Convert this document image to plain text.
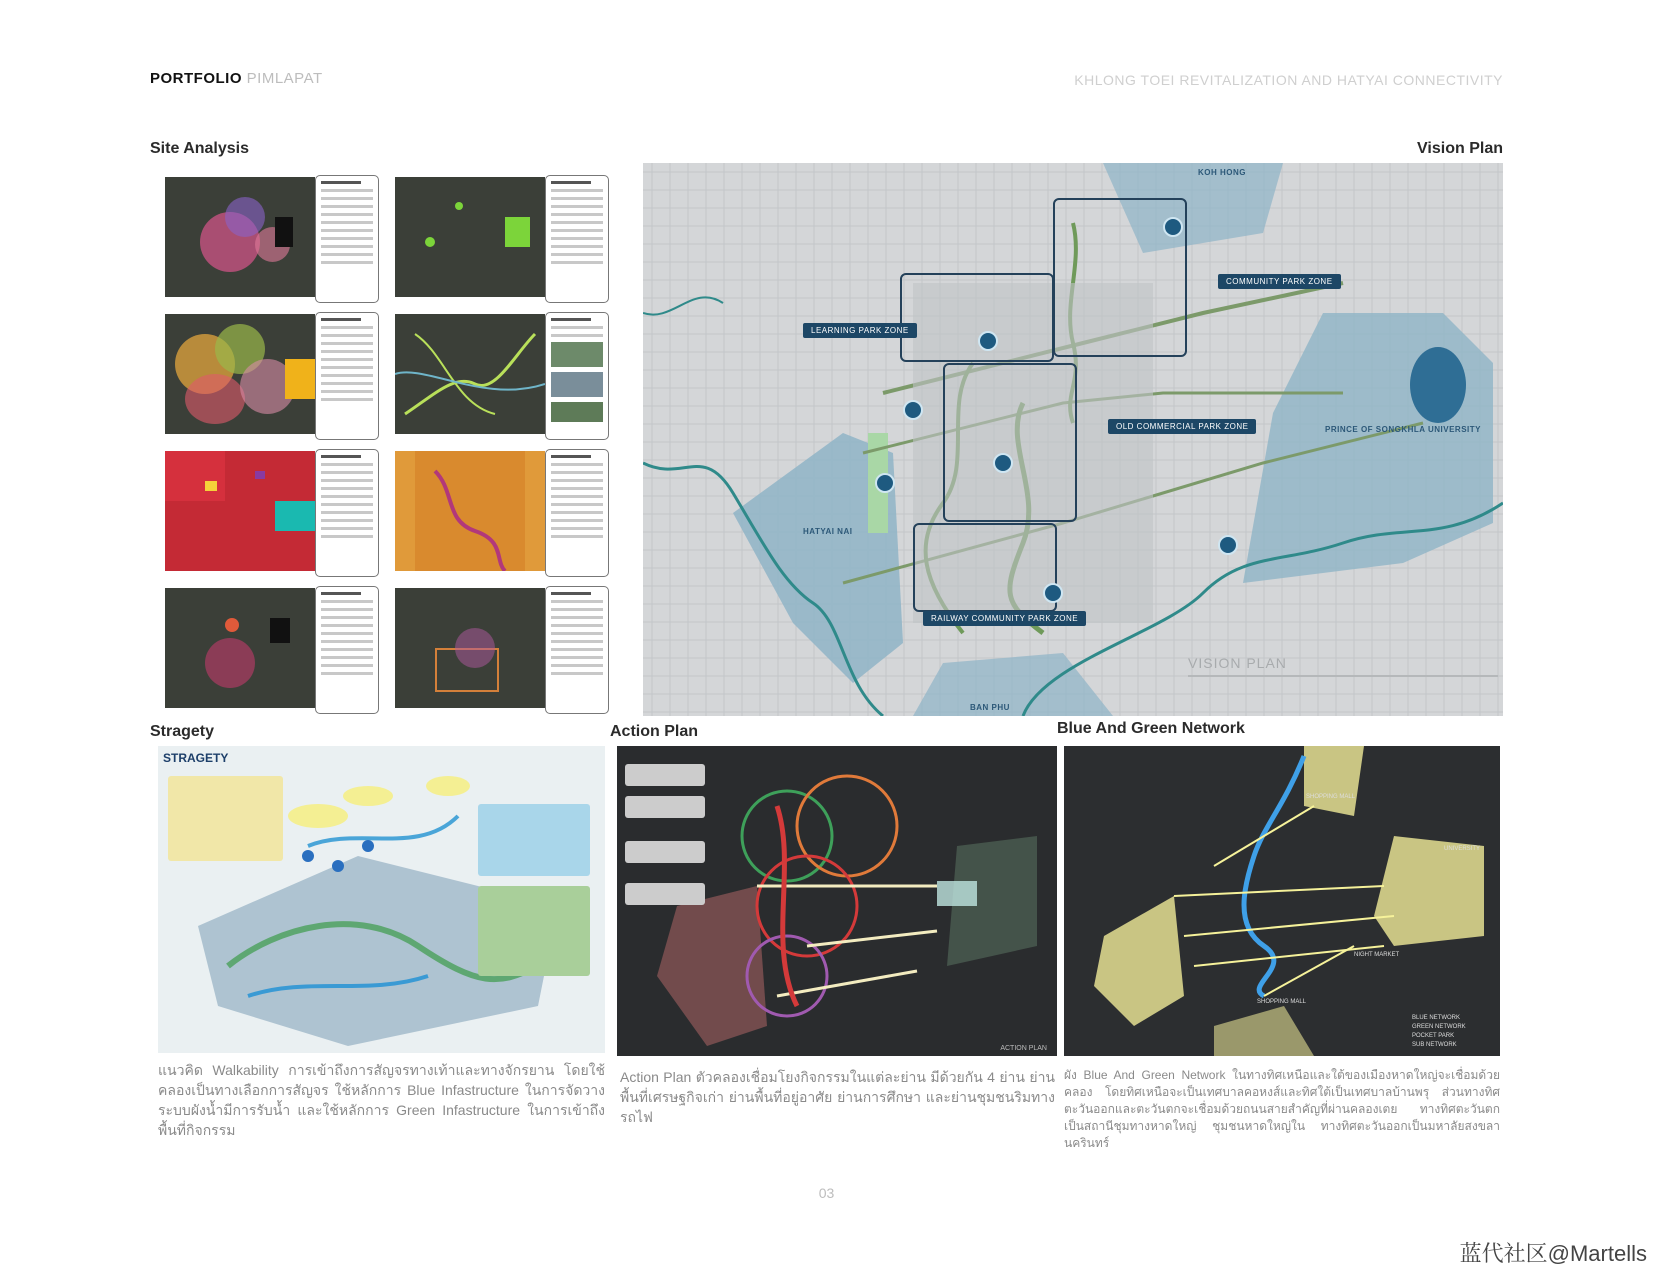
PORTFOLIO PIMLAPAT	KHLONG TOEI REVITALIZATION AND HATYAI CONNECTIVITY
Site Analysis	Vision Plan
Stragety	Action Plan	Blue And Green Network
LEARNING PARK ZONE
COMMUNITY PARK ZONE
OLD COMMERCIAL PARK ZONE
RAILWAY COMMUNITY PARK ZONE
KOH HONG
PRINCE OF SONGKHLA UNIVERSITY
HATYAI NAI
BAN PHU
VISION PLAN
STRAGETY
ACTION PLAN
SHOPPING MALL
UNIVERSITY
NIGHT MARKET
SHOPPING MALL
BLUE NETWORK
GREEN NETWORK
POCKET PARK
SUB NETWORK
แนวคิด Walkability การเข้าถึงการสัญจรทางเท้าและทางจักรยาน โดยใช้คลองเป็นทางเลือกการสัญจร ใช้หลักการ Blue Infastructure ในการจัดวางระบบผังน้ำมีการรับน้ำ และใช้หลักการ Green Infastructure ในการเข้าถึงพื้นที่กิจกรรม
Action Plan ตัวคลองเชื่อมโยงกิจกรรมในแต่ละย่าน มีด้วยกัน 4 ย่าน ย่านพื้นที่เศรษฐกิจเก่า ย่านพื้นที่อยู่อาศัย ย่านการศึกษา และย่านชุมชนริมทางรถไฟ
ผัง Blue And Green Network ในทางทิศเหนือและใต้ของเมืองหาดใหญ่จะเชื่อมด้วยคลอง โดยทิศเหนือจะเป็นเทศบาลคอหงส์และทิศใต้เป็นเทศบาลบ้านพรุ ส่วนทางทิศตะวันออกและตะวันตกจะเชื่อมด้วยถนนสายสำคัญที่ผ่านคลองเตย ทางทิศตะวันตกเป็นสถานีชุมทางหาดใหญ่ ชุมชนหาดใหญ่ใน ทางทิศตะวันออกเป็นมหาลัยสงขลานครินทร์
03
蓝代社区@Martells
